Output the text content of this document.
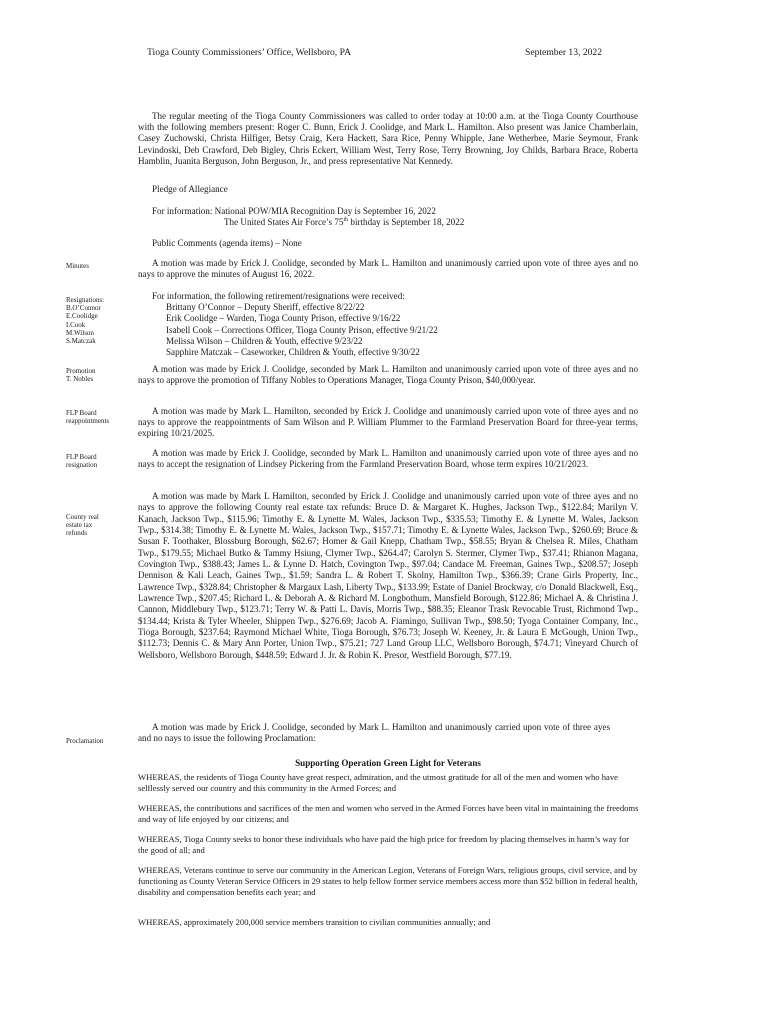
Tioga County Commissioners’ Office, Wellsboro, PA	September 13, 2022
The regular meeting of the Tioga County Commissioners was called to order today at 10:00 a.m. at the Tioga County Courthouse with the following members present: Roger C. Bunn, Erick J. Coolidge, and Mark L. Hamilton. Also present was Janice Chamberlain, Casey Zuchowski, Christa Hilfiger, Betsy Craig, Kera Hackett, Sara Rice, Penny Whipple, Jane Wetherbee, Marie Seymour, Frank Levindoski, Deb Crawford, Deb Bigley, Chris Eckert, William West, Terry Rose, Terry Browning, Joy Childs, Barbara Brace, Roberta Hamblin, Juanita Berguson, John Berguson, Jr., and press representative Nat Kennedy.
Pledge of Allegiance
For information: National POW/MIA Recognition Day is September 16, 2022
The United States Air Force’s 75th birthday is September 18, 2022
Public Comments (agenda items) – None
Minutes	A motion was made by Erick J. Coolidge, seconded by Mark L. Hamilton and unanimously carried upon vote of three ayes and no nays to approve the minutes of August 16, 2022.
Resignations:
B.O’Connor
E.Coolidge
I.Cook
M.Wilson
S.Matczak
For information, the following retirement/resignations were received:
Brittany O’Connor – Deputy Sheriff, effective 8/22/22
Erik Coolidge – Warden, Tioga County Prison, effective 9/16/22
Isabell Cook – Corrections Officer, Tioga County Prison, effective 9/21/22
Melissa Wilson – Children & Youth, effective 9/23/22
Sapphire Matczak – Caseworker, Children & Youth, effective 9/30/22
Promotion
T. Nobles
A motion was made by Erick J. Coolidge, seconded by Mark L. Hamilton and unanimously carried upon vote of three ayes and no nays to approve the promotion of Tiffany Nobles to Operations Manager, Tioga County Prison, $40,000/year.
FLP Board
reappointments
A motion was made by Mark L. Hamilton, seconded by Erick J. Coolidge and unanimously carried upon vote of three ayes and no nays to approve the reappointments of Sam Wilson and P. William Plummer to the Farmland Preservation Board for three-year terms, expiring 10/21/2025.
FLP Board
resignation
A motion was made by Erick J. Coolidge, seconded by Mark L. Hamilton and unanimously carried upon vote of three ayes and no nays to accept the resignation of Lindsey Pickering from the Farmland Preservation Board, whose term expires 10/21/2023.
County real
estate tax
refunds
A motion was made by Mark L Hamilton, seconded by Erick J. Coolidge and unanimously carried upon vote of three ayes and no nays to approve the following County real estate tax refunds: Bruce D. & Margaret K. Hughes, Jackson Twp., $122.84; Marilyn V. Kanach, Jackson Twp., $115.96; Timothy E. & Lynette M. Wales, Jackson Twp., $335.53; Timothy E. & Lynette M. Wales, Jackson Twp., $314.38; Timothy E. & Lynette M. Wales, Jackson Twp., $157.71; Timothy E. & Lynette Wales, Jackson Twp., $260.69; Bruce & Susan F. Toothaker, Blossburg Borough, $62.67; Homer & Gail Knepp, Chatham Twp., $58.55; Bryan & Chelsea R. Miles, Chatham Twp., $179.55; Michael Butko & Tammy Hsiung, Clymer Twp., $264.47; Carolyn S. Stermer, Clymer Twp., $37.41; Rhianon Magana, Covington Twp., $388.43; James L. & Lynne D. Hatch, Covington Twp., $97.04; Candace M. Freeman, Gaines Twp., $208.57; Joseph Dennison & Kali Leach, Gaines Twp., $1.59; Sandra L. & Robert T. Skolny, Hamilton Twp., $366.39; Crane Girls Property, Inc., Lawrence Twp., $328.84; Christopher & Margaux Lash, Liberty Twp., $133.99; Estate of Daniel Brockway, c/o Donald Blackwell, Esq., Lawrence Twp., $207.45; Richard L. & Deborah A. & Richard M. Longbothum, Mansfield Borough, $122.86; Michael A. & Christina J. Cannon, Middlebury Twp., $123.71; Terry W. & Patti L. Davis, Morris Twp., $88.35; Eleanor Trask Revocable Trust, Richmond Twp., $134.44; Krista & Tyler Wheeler, Shippen Twp., $276.69; Jacob A. Fiamingo, Sullivan Twp., $98.50; Tyoga Container Company, Inc., Tioga Borough, $237.64; Raymond Michael White, Tioga Borough, $76.73; Joseph W. Keeney, Jr. & Laura E McGough, Union Twp., $112.73; Dennis C. & Mary Ann Porter, Union Twp., $75.21; 727 Land Group LLC, Wellsboro Borough, $74.71; Vineyard Church of Wellsboro, Wellsboro Borough, $448.59; Edward J. Jr. & Robin K. Presor, Westfield Borough, $77.19.
Proclamation
A motion was made by Erick J. Coolidge, seconded by Mark L. Hamilton and unanimously carried upon vote of three ayes and no nays to issue the following Proclamation:
Supporting Operation Green Light for Veterans
WHEREAS, the residents of Tioga County have great respect, admiration, and the utmost gratitude for all of the men and women who have selflessly served our country and this community in the Armed Forces; and
WHEREAS, the contributions and sacrifices of the men and women who served in the Armed Forces have been vital in maintaining the freedoms and way of life enjoyed by our citizens; and
WHEREAS, Tioga County seeks to honor these individuals who have paid the high price for freedom by placing themselves in harm’s way for the good of all; and
WHEREAS, Veterans continue to serve our community in the American Legion, Veterans of Foreign Wars, religious groups, civil service, and by functioning as County Veteran Service Officers in 29 states to help fellow former service members access more than $52 billion in federal health, disability and compensation benefits each year; and
WHEREAS, approximately 200,000 service members transition to civilian communities annually; and
